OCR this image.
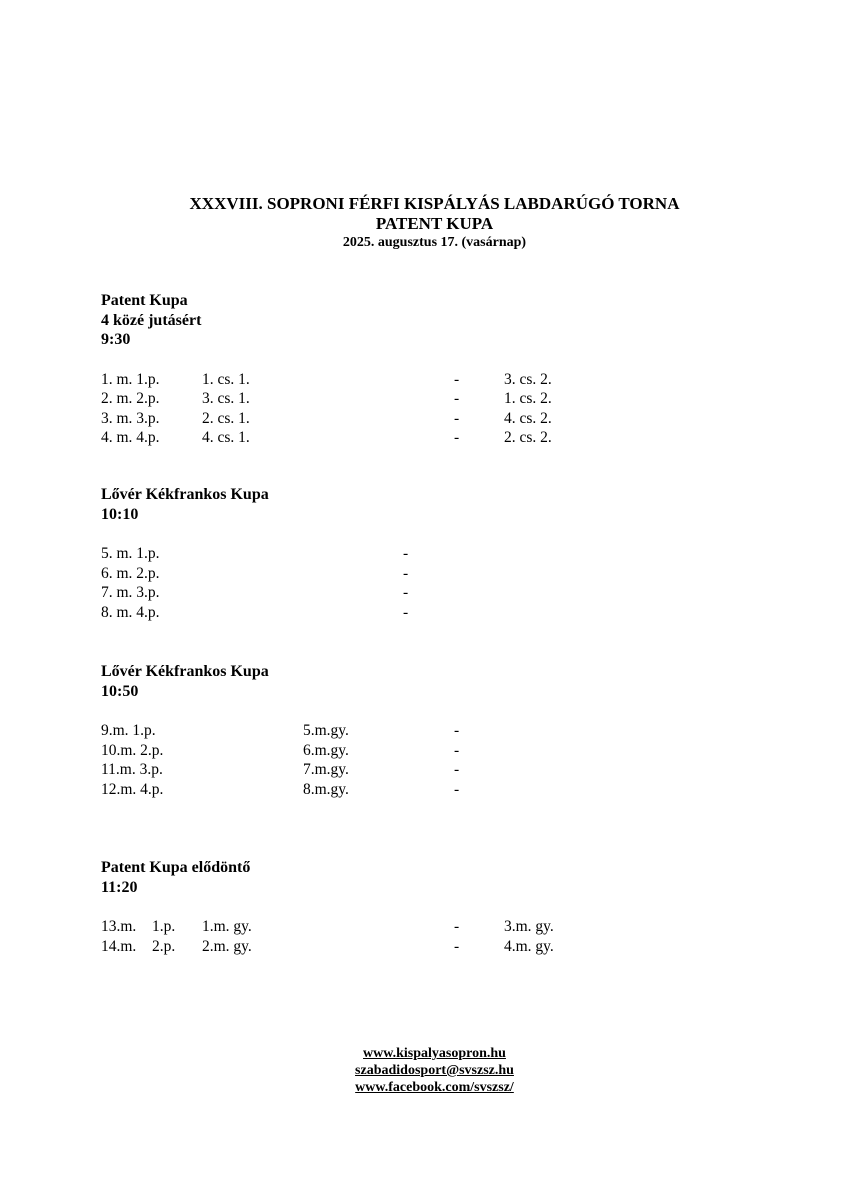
XXXVIII. SOPRONI FÉRFI KISPÁLYÁS LABDARÚGÓ TORNA
PATENT KUPA
2025. augusztus 17. (vasárnap)

Patent Kupa

4 közé jutásért

9:30

1. m. 1.p.	1. cs. 1.	-	3. cs. 2.
2. m. 2.p.	3. cs. 1.	-	1. cs. 2.
3. m. 3.p.	2. cs. 1.	-	4. cs. 2.
4. m. 4.p.	4. cs. 1.	-	2. cs. 2.

Lővér Kékfrankos Kupa

10:10

5. m. 1.p.	-
6. m. 2.p.	-
7. m. 3.p.	-
8. m. 4.p.	-

Lővér Kékfrankos Kupa

10:50

9.m. 1.p.	5.m.gy.	-
10.m. 2.p.	6.m.gy.	-
11.m. 3.p.	7.m.gy.	-
12.m. 4.p.	8.m.gy.	-

Patent Kupa elődöntő

11:20

13.m. 1.p. 1.m. gy.	-	3.m. gy.
14.m. 2.p. 2.m. gy.	-	4.m. gy.
www.kispalyasopron.hu
szabadidosport@svszsz.hu
www.facebook.com/svszsz/
